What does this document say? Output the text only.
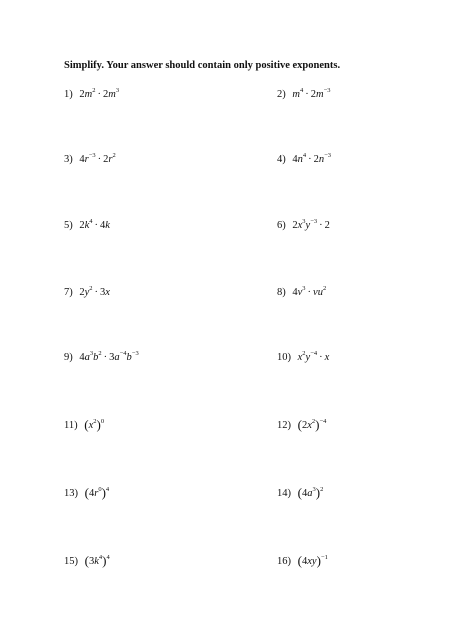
Simplify. Your answer should contain only positive exponents.
1) $2m^2 \cdot 2m^3$	2) $m^4 \cdot 2m^{-3}$
3) $4r^{-3} \cdot 2r^2$	4) $4n^4 \cdot 2n^{-3}$
5) $2k^4 \cdot 4k$	6) $2x^3y^{-3} \cdot 2$
7) $2y^2 \cdot 3x$	8) $4v^3 \cdot vu^2$
9) $4a^3b^2 \cdot 3a^{-4}b^{-3}$	10) $x^2y^{-4} \cdot x$
11) $(x^2)^0$	12) $(2x^2)^{-4}$
13) $(4r^0)^4$	14) $(4a^3)^2$
15) $(3k^4)^4$	16) $(4xy)^{-1}$
